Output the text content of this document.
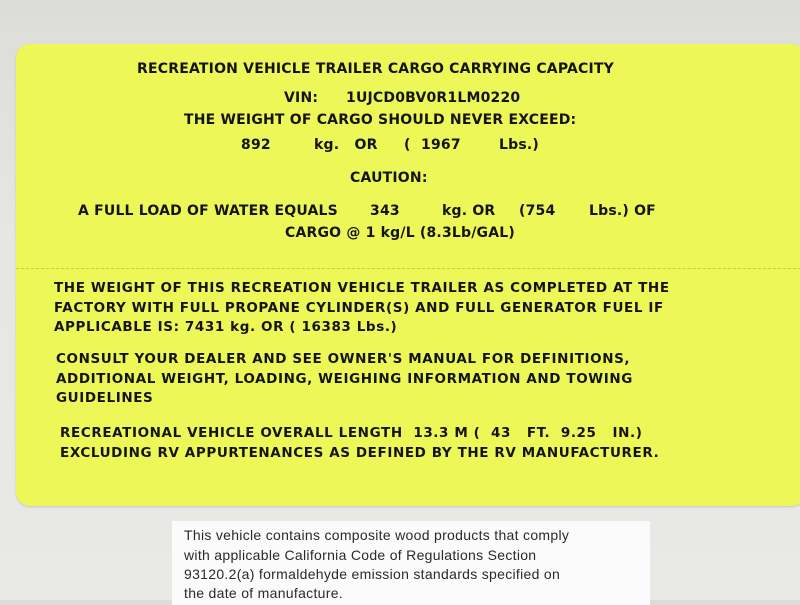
RECREATION VEHICLE TRAILER CARGO CARRYING CAPACITY
VIN: 1UJCD0BV0R1LM0220
THE WEIGHT OF CARGO SHOULD NEVER EXCEED:
892	kg.   OR ( 1967	Lbs.)
CAUTION:
A FULL LOAD OF WATER EQUALS 343	kg. OR (754 Lbs.) OF
CARGO @ 1 kg/L (8.3Lb/GAL)
THE WEIGHT OF THIS RECREATION VEHICLE TRAILER AS COMPLETED AT THE
FACTORY WITH FULL PROPANE CYLINDER(S) AND FULL GENERATOR FUEL IF
APPLICABLE IS: 7431 kg. OR ( 16383 Lbs.)
CONSULT YOUR DEALER AND SEE OWNER'S MANUAL FOR DEFINITIONS,
ADDITIONAL WEIGHT, LOADING, WEIGHING INFORMATION AND TOWING
GUIDELINES
RECREATIONAL VEHICLE OVERALL LENGTH  13.3 M (  43   FT.  9.25   IN.)
EXCLUDING RV APPURTENANCES AS DEFINED BY THE RV MANUFACTURER.
This vehicle contains composite wood products that comply
with applicable California Code of Regulations Section
93120.2(a) formaldehyde emission standards specified on
the date of manufacture.
